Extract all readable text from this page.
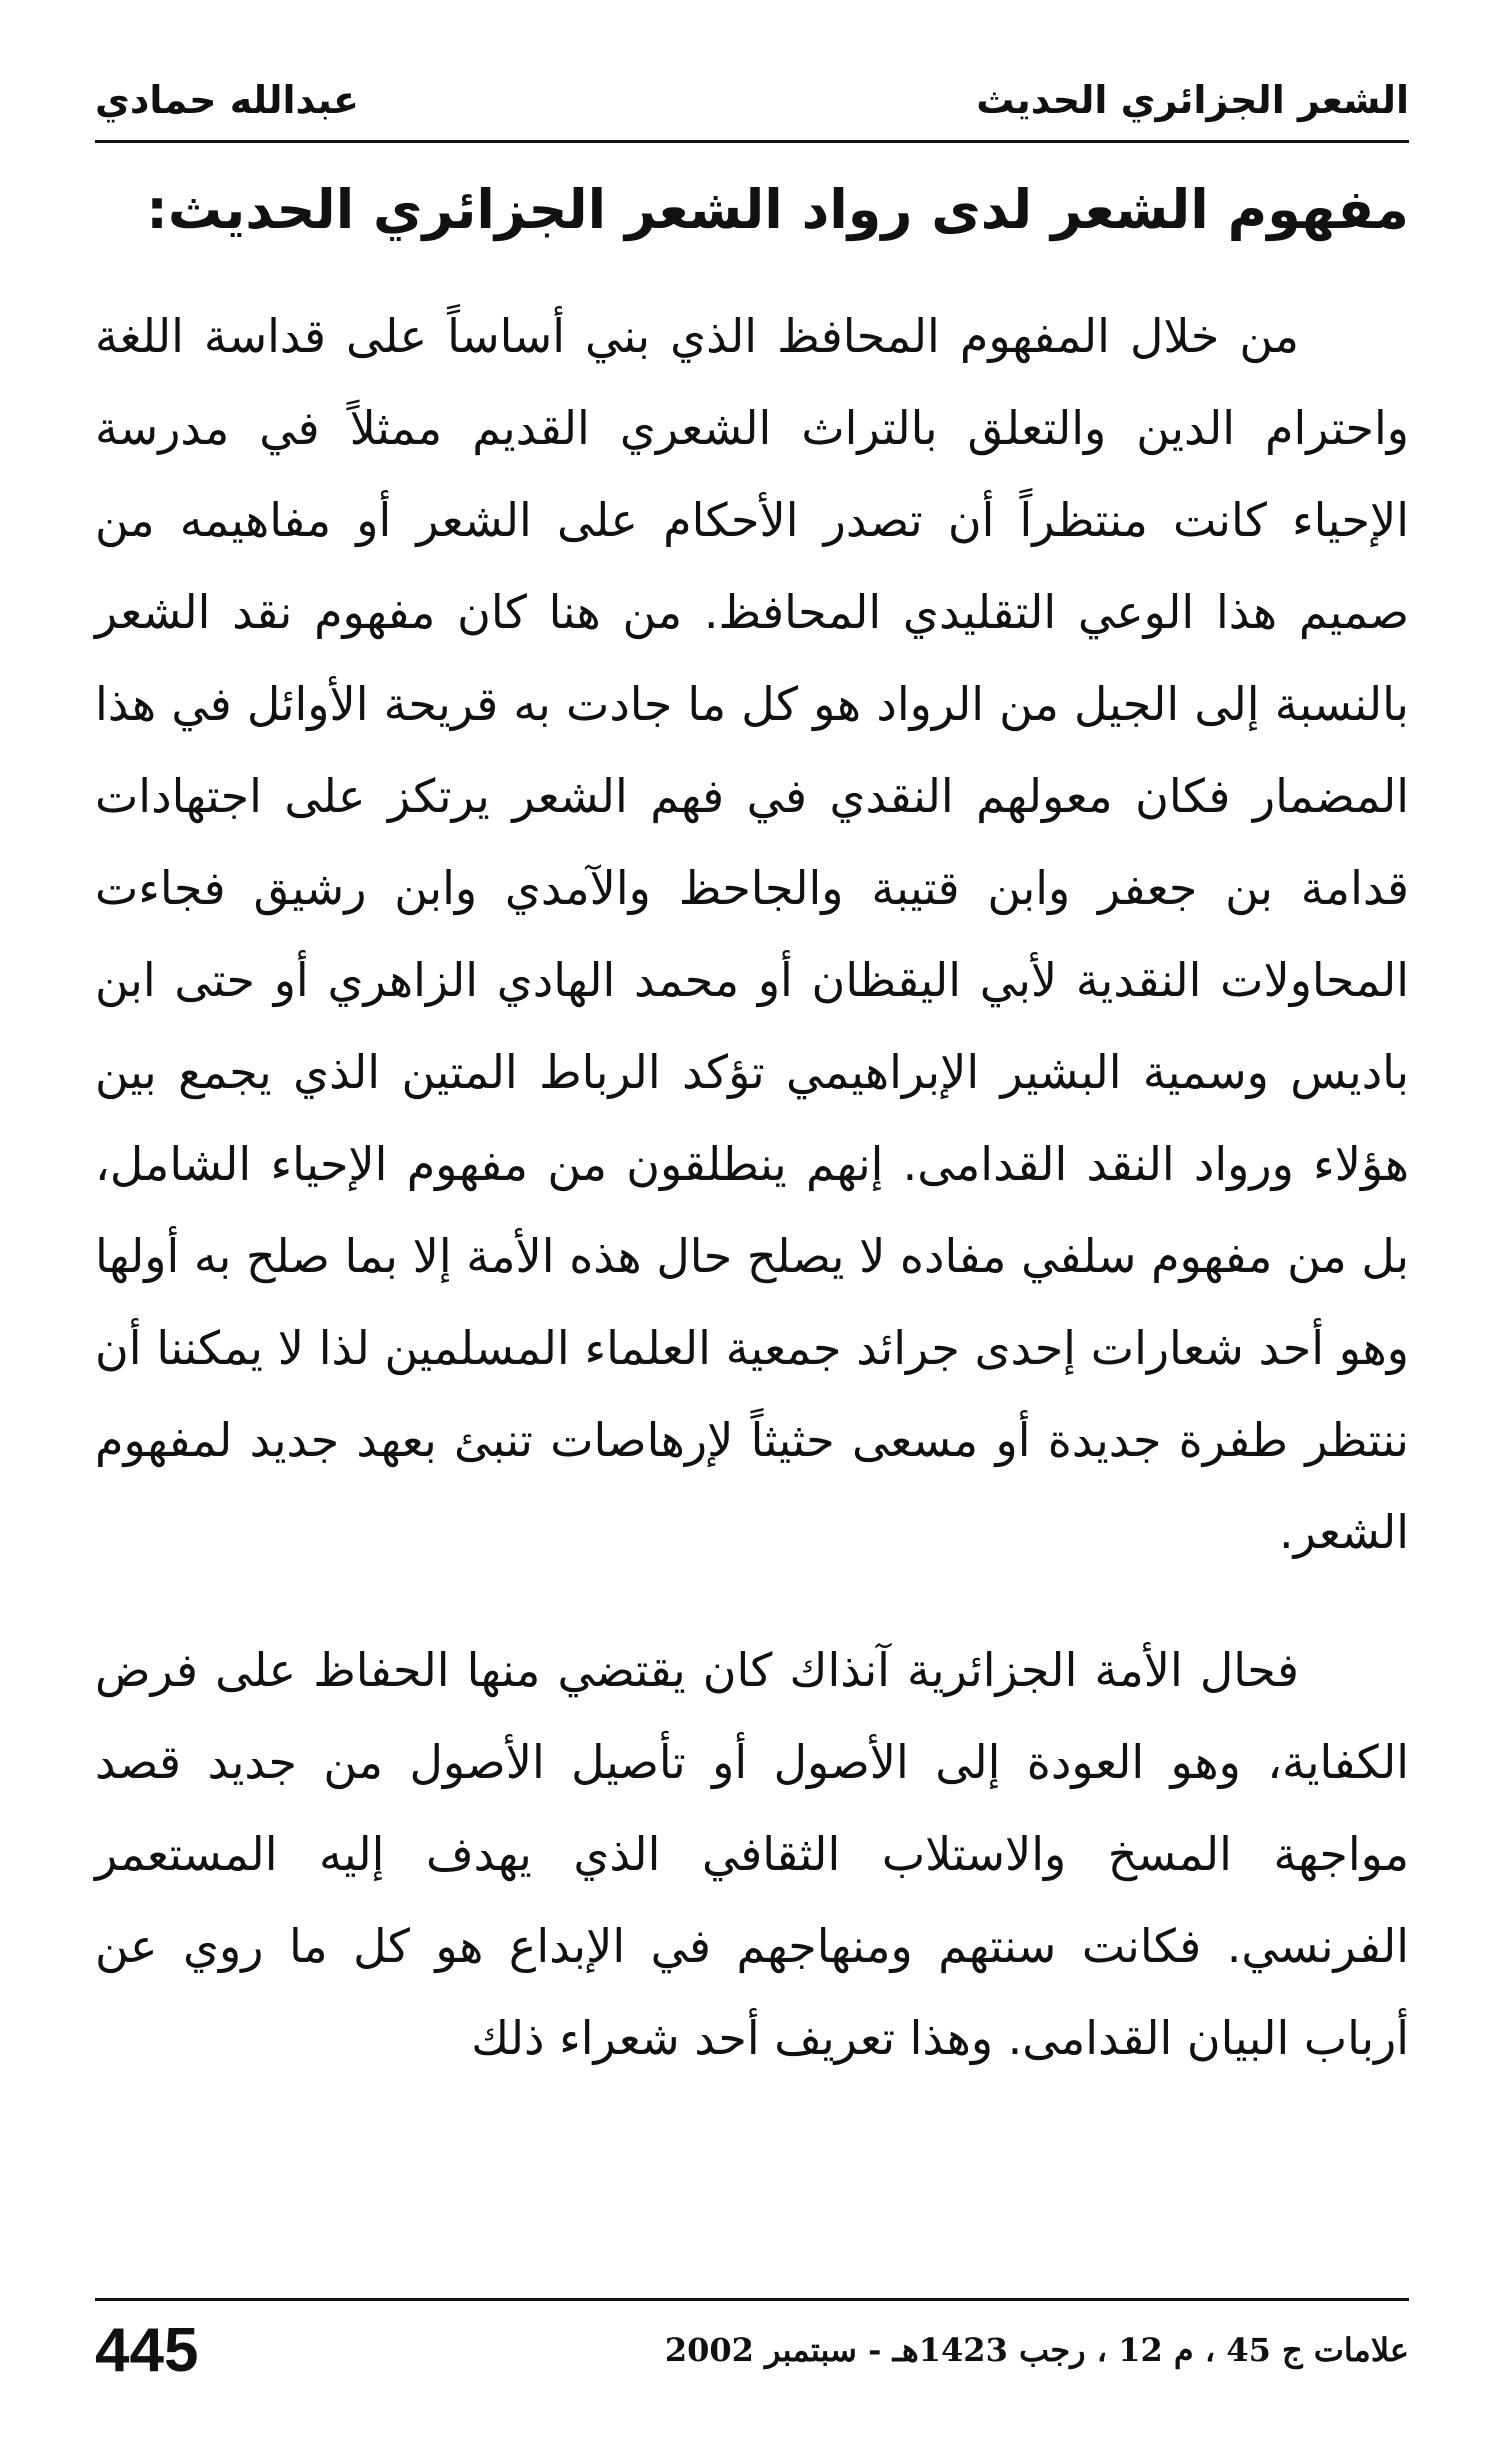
الشعر الجزائري الحديث
عبدالله حمادي
مفهوم الشعر لدى رواد الشعر الجزائري الحديث:

من خلال المفهوم المحافظ الذي بني أساساً على قداسة اللغة واحترام الدين والتعلق بالتراث الشعري القديم ممثلاً في مدرسة الإحياء كانت منتظراً أن تصدر الأحكام على الشعر أو مفاهيمه من صميم هذا الوعي التقليدي المحافظ. من هنا كان مفهوم نقد الشعر بالنسبة إلى الجيل من الرواد هو كل ما جادت به قريحة الأوائل في هذا المضمار فكان معولهم النقدي في فهم الشعر يرتكز على اجتهادات قدامة بن جعفر وابن قتيبة والجاحظ والآمدي وابن رشيق فجاءت المحاولات النقدية لأبي اليقظان أو محمد الهادي الزاهري أو حتى ابن باديس وسمية البشير الإبراهيمي تؤكد الرباط المتين الذي يجمع بين هؤلاء ورواد النقد القدامى. إنهم ينطلقون من مفهوم الإحياء الشامل، بل من مفهوم سلفي مفاده لا يصلح حال هذه الأمة إلا بما صلح به أولها وهو أحد شعارات إحدى جرائد جمعية العلماء المسلمين لذا لا يمكننا أن ننتظر طفرة جديدة أو مسعى حثيثاً لإرهاصات تنبئ بعهد جديد لمفهوم الشعر.

فحال الأمة الجزائرية آنذاك كان يقتضي منها الحفاظ على فرض الكفاية، وهو العودة إلى الأصول أو تأصيل الأصول من جديد قصد مواجهة المسخ والاستلاب الثقافي الذي يهدف إليه المستعمر الفرنسي. فكانت سنتهم ومنهاجهم في الإبداع هو كل ما روي عن أرباب البيان القدامى. وهذا تعريف أحد شعراء ذلك

علامات ج 45 ، م 12 ، رجب 1423هـ - سبتمبر 2002
445
